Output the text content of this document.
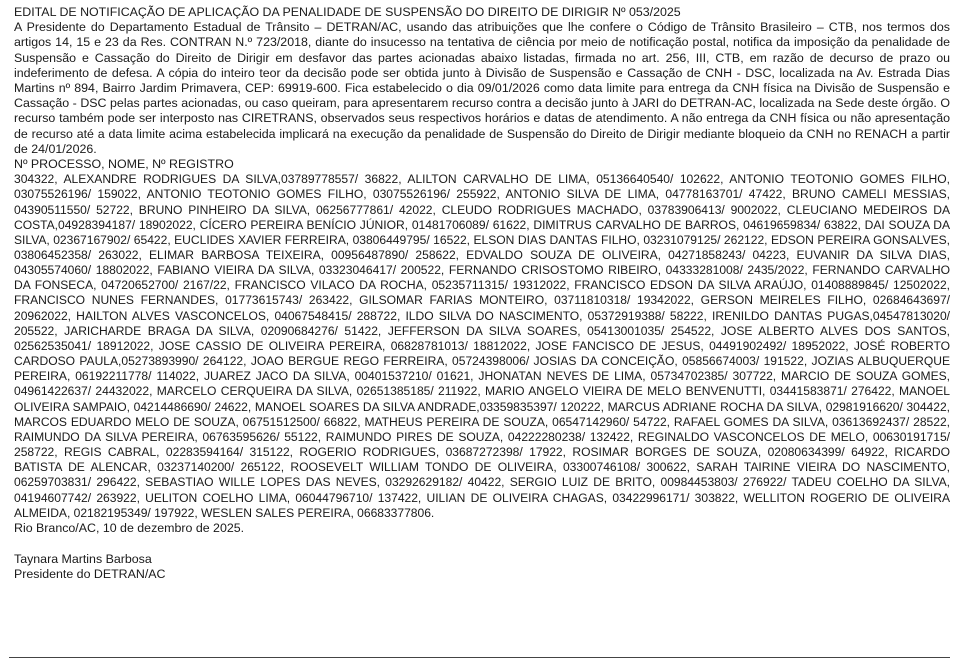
EDITAL DE NOTIFICAÇÃO DE APLICAÇÃO DA PENALIDADE DE SUSPENSÃO DO DIREITO DE DIRIGIR Nº 053/2025

A Presidente do Departamento Estadual de Trânsito – DETRAN/AC, usando das atribuições que lhe confere o Código de Trânsito Brasileiro – CTB, nos termos dos artigos 14, 15 e 23 da Res. CONTRAN N.º 723/2018, diante do insucesso na tentativa de ciência por meio de notificação postal, notifica da imposição da penalidade de Suspensão e Cassação do Direito de Dirigir em desfavor das partes acionadas abaixo listadas, firmada no art. 256, III, CTB, em razão de decurso de prazo ou indeferimento de defesa. A cópia do inteiro teor da decisão pode ser obtida junto à Divisão de Suspensão e Cassação de CNH - DSC, localizada na Av. Estrada Dias Martins nº 894, Bairro Jardim Primavera, CEP: 69919-600. Fica estabelecido o dia 09/01/2026 como data limite para entrega da CNH física na Divisão de Suspensão e Cassação - DSC pelas partes acionadas, ou caso queiram, para apresentarem recurso contra a decisão junto à JARI do DETRAN-AC, localizada na Sede deste órgão. O recurso também pode ser interposto nas CIRETRANS, observados seus respectivos horários e datas de atendimento. A não entrega da CNH física ou não apresentação de recurso até a data limite acima estabelecida implicará na execução da penalidade de Suspensão do Direito de Dirigir mediante bloqueio da CNH no RENACH a partir de 24/01/2026.

Nº PROCESSO, NOME, Nº REGISTRO

304322, ALEXANDRE RODRIGUES DA SILVA,03789778557/ 36822, ALILTON CARVALHO DE LIMA, 05136640540/ 102622, ANTONIO TEOTONIO GOMES FILHO, 03075526196/ 159022, ANTONIO TEOTONIO GOMES FILHO, 03075526196/ 255922, ANTONIO SILVA DE LIMA, 04778163701/ 47422, BRUNO CAMELI MESSIAS, 04390511550/ 52722, BRUNO PINHEIRO DA SILVA, 06256777861/ 42022, CLEUDO RODRIGUES MACHADO, 03783906413/ 9002022, CLEUCIANO MEDEIROS DA COSTA,04928394187/ 18902022, CÍCERO PEREIRA BENÍCIO JÚNIOR, 01481706089/ 61622, DIMITRUS CARVALHO DE BARROS, 04619659834/ 63822, DAI SOUZA DA SILVA, 02367167902/ 65422, EUCLIDES XAVIER FERREIRA, 03806449795/ 16522, ELSON DIAS DANTAS FILHO, 03231079125/ 262122, EDSON PEREIRA GONSALVES, 03806452358/ 263022, ELIMAR BARBOSA TEIXEIRA, 00956487890/ 258622, EDVALDO SOUZA DE OLIVEIRA, 04271858243/ 04223, EUVANIR DA SILVA DIAS, 04305574060/ 18802022, FABIANO VIEIRA DA SILVA, 03323046417/ 200522, FERNANDO CRISOSTOMO RIBEIRO, 04333281008/ 2435/2022, FERNANDO CARVALHO DA FONSECA, 04720652700/ 2167/22, FRANCISCO VILACO DA ROCHA, 05235711315/ 19312022, FRANCISCO EDSON DA SILVA ARAÚJO, 01408889845/ 12502022, FRANCISCO NUNES FERNANDES, 01773615743/ 263422, GILSOMAR FARIAS MONTEIRO, 03711810318/ 19342022, GERSON MEIRELES FILHO, 02684643697/ 20962022, HAILTON ALVES VASCONCELOS, 04067548415/ 288722, ILDO SILVA DO NASCIMENTO, 05372919388/ 58222, IRENILDO DANTAS PUGAS,04547813020/ 205522, JARICHARDE BRAGA DA SILVA, 02090684276/ 51422, JEFFERSON DA SILVA SOARES, 05413001035/ 254522, JOSE ALBERTO ALVES DOS SANTOS, 02562535041/ 18912022, JOSE CASSIO DE OLIVEIRA PEREIRA, 06828781013/ 18812022, JOSE FANCISCO DE JESUS, 04491902492/ 18952022, JOSÉ ROBERTO CARDOSO PAULA,05273893990/ 264122, JOAO BERGUE REGO FERREIRA, 05724398006/ JOSIAS DA CONCEIÇÃO, 05856674003/ 191522, JOZIAS ALBUQUERQUE PEREIRA, 06192211778/ 114022, JUAREZ JACO DA SILVA, 00401537210/ 01621, JHONATAN NEVES DE LIMA, 05734702385/ 307722, MARCIO DE SOUZA GOMES, 04961422637/ 24432022, MARCELO CERQUEIRA DA SILVA, 02651385185/ 211922, MARIO ANGELO VIEIRA DE MELO BENVENUTTI, 03441583871/ 276422, MANOEL OLIVEIRA SAMPAIO, 04214486690/ 24622, MANOEL SOARES DA SILVA ANDRADE,03359835397/ 120222, MARCUS ADRIANE ROCHA DA SILVA, 02981916620/ 304422, MARCOS EDUARDO MELO DE SOUZA, 06751512500/ 66822, MATHEUS PEREIRA DE SOUZA, 06547142960/ 54722, RAFAEL GOMES DA SILVA, 03613692437/ 28522, RAIMUNDO DA SILVA PEREIRA, 06763595626/ 55122, RAIMUNDO PIRES DE SOUZA, 04222280238/ 132422, REGINALDO VASCONCELOS DE MELO, 00630191715/ 258722, REGIS CABRAL, 02283594164/ 315122, ROGERIO RODRIGUES, 03687272398/ 17922, ROSIMAR BORGES DE SOUZA, 02080634399/ 64922, RICARDO BATISTA DE ALENCAR, 03237140200/ 265122, ROOSEVELT WILLIAM TONDO DE OLIVEIRA, 03300746108/ 300622, SARAH TAIRINE VIEIRA DO NASCIMENTO, 06259703831/ 296422, SEBASTIAO WILLE LOPES DAS NEVES, 03292629182/ 40422, SERGIO LUIZ DE BRITO, 00984453803/ 276922/ TADEU COELHO DA SILVA, 04194607742/ 263922, UELITON COELHO LIMA, 06044796710/ 137422, UILIAN DE OLIVEIRA CHAGAS, 03422996171/ 303822, WELLITON ROGERIO DE OLIVEIRA ALMEIDA, 02182195349/ 197922, WESLEN SALES PEREIRA, 06683377806.

Rio Branco/AC, 10 de dezembro de 2025.

Taynara Martins Barbosa
Presidente do DETRAN/AC
